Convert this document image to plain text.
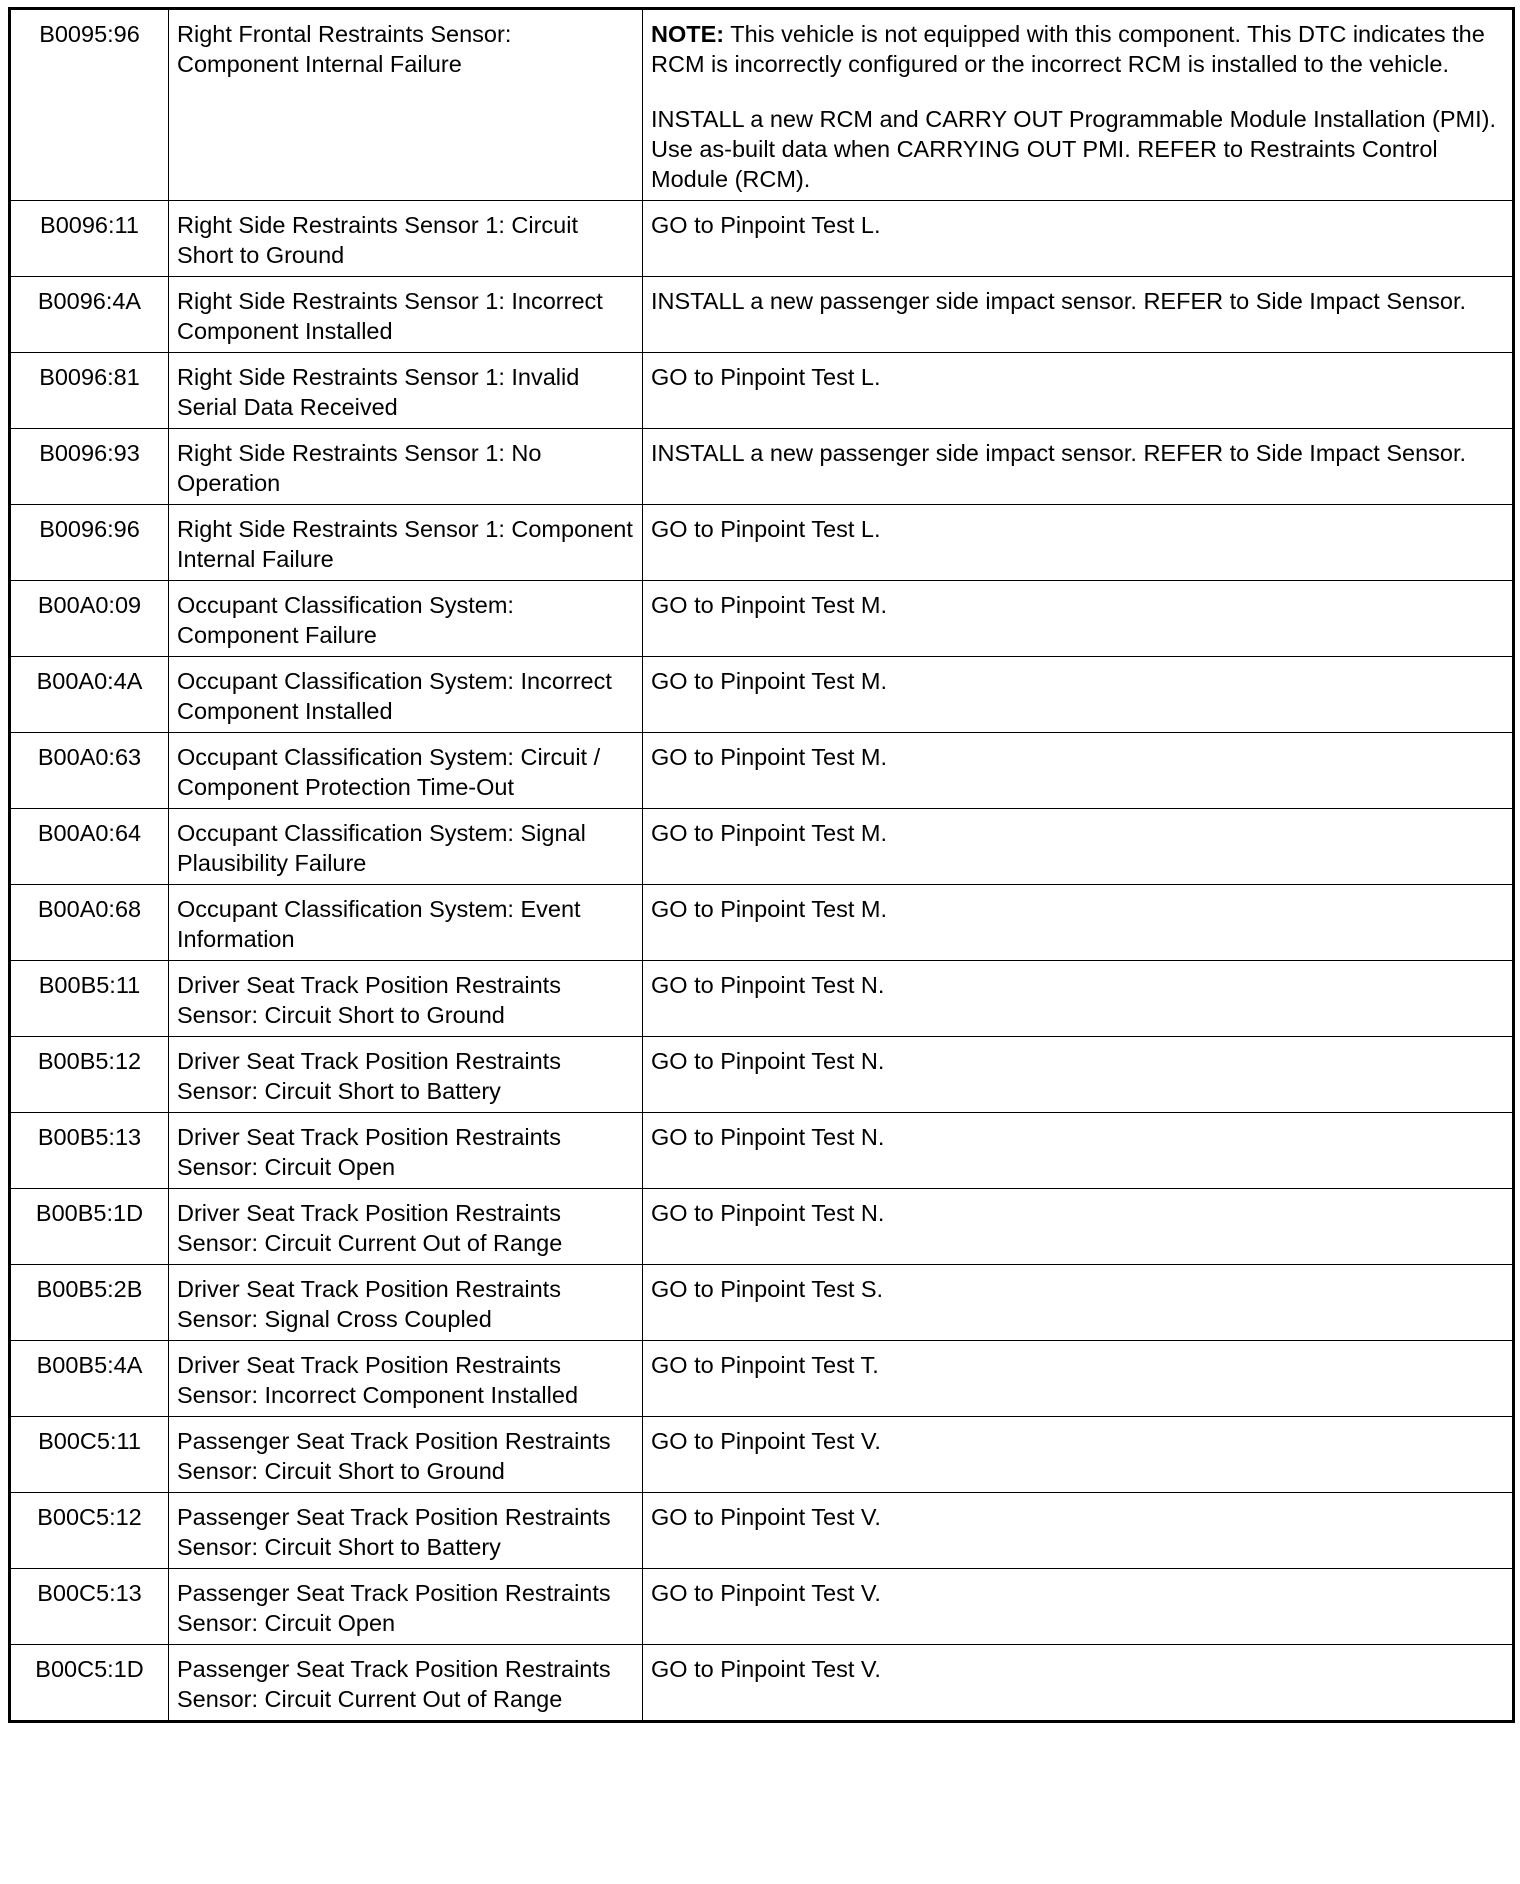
B0095:96	Right Frontal Restraints Sensor: Component Internal Failure	NOTE: This vehicle is not equipped with this component. This DTC indicates the RCM is incorrectly configured or the incorrect RCM is installed to the vehicle.

INSTALL a new RCM and CARRY OUT Programmable Module Installation (PMI). Use as-built data when CARRYING OUT PMI. REFER to Restraints Control Module (RCM).

B0096:11	Right Side Restraints Sensor 1: Circuit Short to Ground	GO to Pinpoint Test L.
B0096:4A	Right Side Restraints Sensor 1: Incorrect Component Installed	INSTALL a new passenger side impact sensor. REFER to Side Impact Sensor.
B0096:81	Right Side Restraints Sensor 1: Invalid Serial Data Received	GO to Pinpoint Test L.
B0096:93	Right Side Restraints Sensor 1: No Operation	INSTALL a new passenger side impact sensor. REFER to Side Impact Sensor.
B0096:96	Right Side Restraints Sensor 1: Component Internal Failure	GO to Pinpoint Test L.
B00A0:09	Occupant Classification System: Component Failure	GO to Pinpoint Test M.
B00A0:4A	Occupant Classification System: Incorrect Component Installed	GO to Pinpoint Test M.
B00A0:63	Occupant Classification System: Circuit / Component Protection Time-Out	GO to Pinpoint Test M.
B00A0:64	Occupant Classification System: Signal Plausibility Failure	GO to Pinpoint Test M.
B00A0:68	Occupant Classification System: Event Information	GO to Pinpoint Test M.
B00B5:11	Driver Seat Track Position Restraints Sensor: Circuit Short to Ground	GO to Pinpoint Test N.
B00B5:12	Driver Seat Track Position Restraints Sensor: Circuit Short to Battery	GO to Pinpoint Test N.
B00B5:13	Driver Seat Track Position Restraints Sensor: Circuit Open	GO to Pinpoint Test N.
B00B5:1D	Driver Seat Track Position Restraints Sensor: Circuit Current Out of Range	GO to Pinpoint Test N.
B00B5:2B	Driver Seat Track Position Restraints Sensor: Signal Cross Coupled	GO to Pinpoint Test S.
B00B5:4A	Driver Seat Track Position Restraints Sensor: Incorrect Component Installed	GO to Pinpoint Test T.
B00C5:11	Passenger Seat Track Position Restraints Sensor: Circuit Short to Ground	GO to Pinpoint Test V.
B00C5:12	Passenger Seat Track Position Restraints Sensor: Circuit Short to Battery	GO to Pinpoint Test V.
B00C5:13	Passenger Seat Track Position Restraints Sensor: Circuit Open	GO to Pinpoint Test V.
B00C5:1D	Passenger Seat Track Position Restraints Sensor: Circuit Current Out of Range	GO to Pinpoint Test V.
